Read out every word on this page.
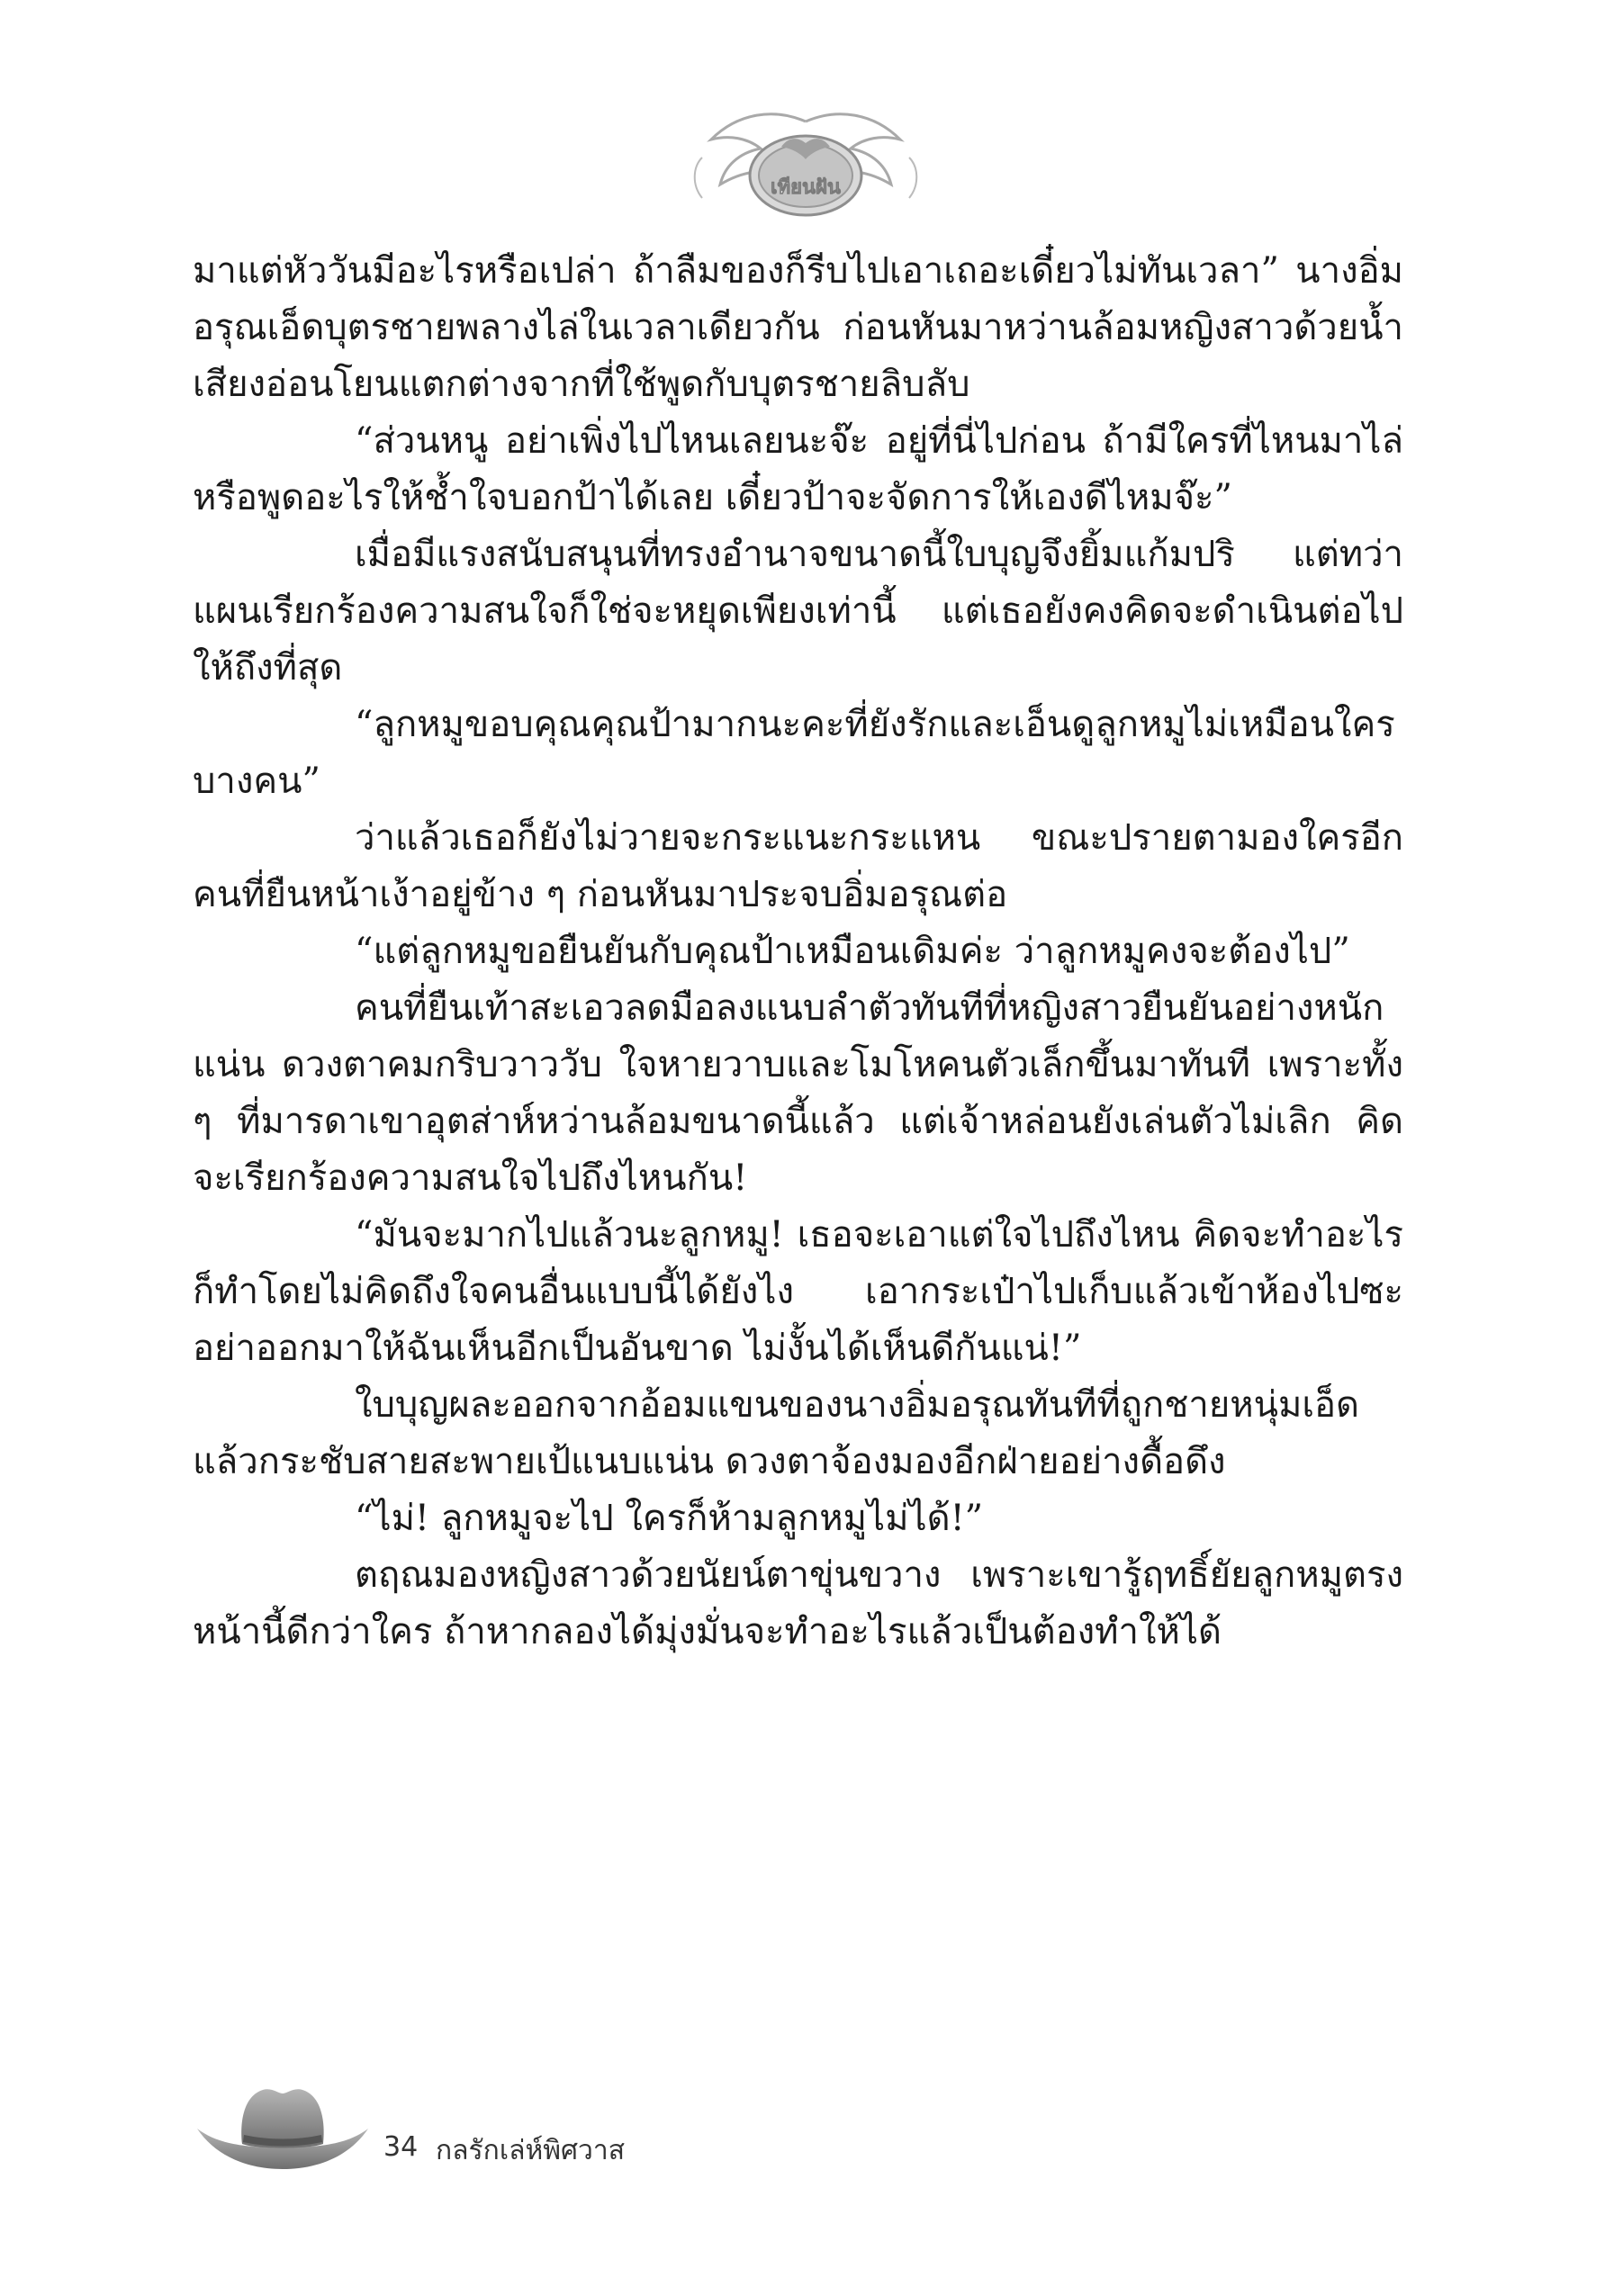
เทียนฝัน

มาแต่หัววันมีอะไรหรือเปล่า ถ้าลืมของก็รีบไปเอาเถอะเดี๋ยวไม่ทันเวลา” นางอิ่มอรุณเอ็ดบุตรชายพลางไล่ในเวลาเดียวกัน ก่อนหันมาหว่านล้อมหญิงสาวด้วยน้ำเสียงอ่อนโยนแตกต่างจากที่ใช้พูดกับบุตรชายลิบลับ

“ส่วนหนู อย่าเพิ่งไปไหนเลยนะจ๊ะ อยู่ที่นี่ไปก่อน ถ้ามีใครที่ไหนมาไล่หรือพูดอะไรให้ช้ำใจบอกป้าได้เลย เดี๋ยวป้าจะจัดการให้เองดีไหมจ๊ะ”

เมื่อมีแรงสนับสนุนที่ทรงอำนาจขนาดนี้ใบบุญจึงยิ้มแก้มปริ แต่ทว่าแผนเรียกร้องความสนใจก็ใช่จะหยุดเพียงเท่านี้ แต่เธอยังคงคิดจะดำเนินต่อไปให้ถึงที่สุด

“ลูกหมูขอบคุณคุณป้ามากนะคะที่ยังรักและเอ็นดูลูกหมูไม่เหมือนใครบางคน”

ว่าแล้วเธอก็ยังไม่วายจะกระแนะกระแหน ขณะปรายตามองใครอีกคนที่ยืนหน้าเง้าอยู่ข้าง ๆ ก่อนหันมาประจบอิ่มอรุณต่อ

“แต่ลูกหมูขอยืนยันกับคุณป้าเหมือนเดิมค่ะ ว่าลูกหมูคงจะต้องไป”

คนที่ยืนเท้าสะเอวลดมือลงแนบลำตัวทันทีที่หญิงสาวยืนยันอย่างหนักแน่น ดวงตาคมกริบวาววับ ใจหายวาบและโมโหคนตัวเล็กขึ้นมาทันที เพราะทั้ง ๆ ที่มารดาเขาอุตส่าห์หว่านล้อมขนาดนี้แล้ว แต่เจ้าหล่อนยังเล่นตัวไม่เลิก คิดจะเรียกร้องความสนใจไปถึงไหนกัน!

“มันจะมากไปแล้วนะลูกหมู! เธอจะเอาแต่ใจไปถึงไหน คิดจะทำอะไรก็ทำโดยไม่คิดถึงใจคนอื่นแบบนี้ได้ยังไง เอากระเป๋าไปเก็บแล้วเข้าห้องไปซะ อย่าออกมาให้ฉันเห็นอีกเป็นอันขาด ไม่งั้นได้เห็นดีกันแน่!”

ใบบุญผละออกจากอ้อมแขนของนางอิ่มอรุณทันทีที่ถูกชายหนุ่มเอ็ด แล้วกระชับสายสะพายเป้แนบแน่น ดวงตาจ้องมองอีกฝ่ายอย่างดื้อดึง

“ไม่! ลูกหมูจะไป ใครก็ห้ามลูกหมูไม่ได้!”

ตฤณมองหญิงสาวด้วยนัยน์ตาขุ่นขวาง เพราะเขารู้ฤทธิ์ยัยลูกหมูตรงหน้านี้ดีกว่าใคร ถ้าหากลองได้มุ่งมั่นจะทำอะไรแล้วเป็นต้องทำให้ได้

34 กลรักเล่ห์พิศวาส
